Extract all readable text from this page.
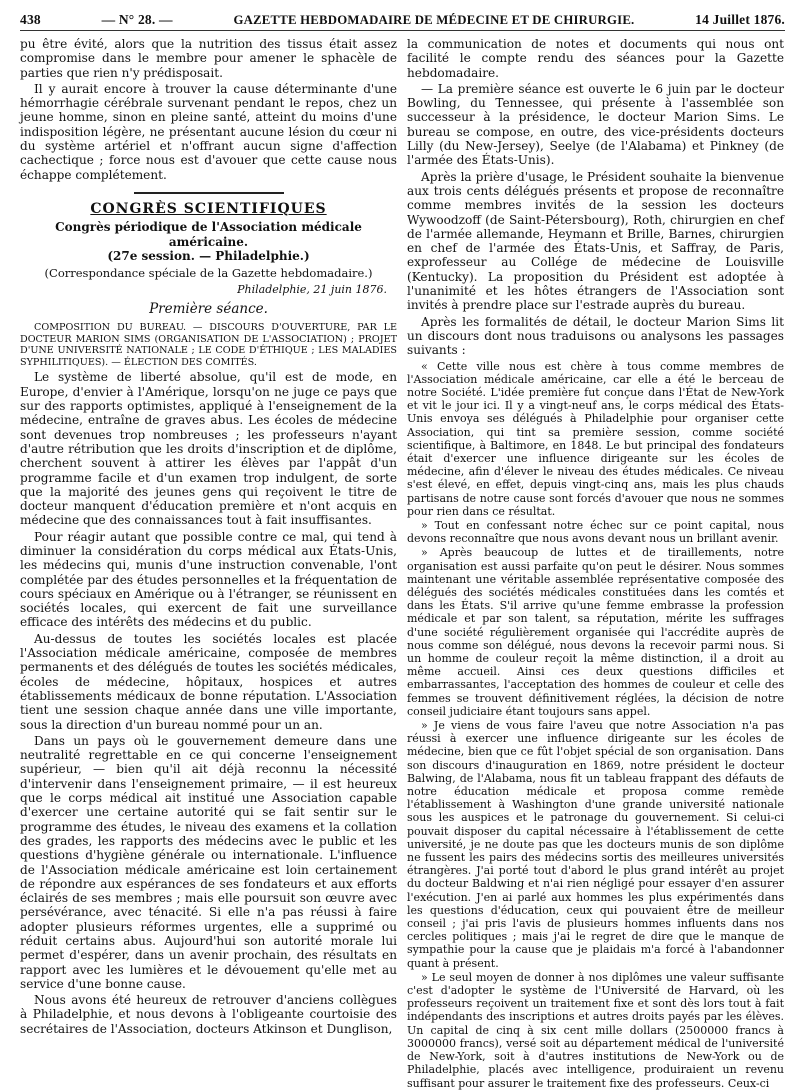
438	— N° 28. —	GAZETTE HEBDOMADAIRE DE MÉDECINE ET DE CHIRURGIE.	14 Juillet 1876.

pu être évité, alors que la nutrition des tissus était assez compromise dans le membre pour amener le sphacèle de parties que rien n'y prédisposait.

Il y aurait encore à trouver la cause déterminante d'une hémorrhagie cérébrale survenant pendant le repos, chez un jeune homme, sinon en pleine santé, atteint du moins d'une indisposition légère, ne présentant aucune lésion du cœur ni du système artériel et n'offrant aucun signe d'affection cachectique ; force nous est d'avouer que cette cause nous échappe complétement.

CONGRÈS SCIENTIFIQUES
Congrès périodique de l'Association médicale américaine.
(27e session. — Philadelphie.)
(Correspondance spéciale de la Gazette hebdomadaire.)
Philadelphie, 21 juin 1876.
Première séance.

COMPOSITION DU BUREAU. — DISCOURS D'OUVERTURE, PAR LE DOCTEUR MARION SIMS (ORGANISATION DE L'ASSOCIATION) ; PROJET D'UNE UNIVERSITÉ NATIONALE ; LE CODE D'ÉTHIQUE ; LES MALADIES SYPHILITIQUES). — ÉLECTION DES COMITÉS.

Le système de liberté absolue, qu'il est de mode, en Europe, d'envier à l'Amérique, lorsqu'on ne juge ce pays que sur des rapports optimistes, appliqué à l'enseignement de la médecine, entraîne de graves abus. Les écoles de médecine sont devenues trop nombreuses ; les professeurs n'ayant d'autre rétribution que les droits d'inscription et de diplôme, cherchent souvent à attirer les élèves par l'appât d'un programme facile et d'un examen trop indulgent, de sorte que la majorité des jeunes gens qui reçoivent le titre de docteur manquent d'éducation première et n'ont acquis en médecine que des connaissances tout à fait insuffisantes.

Pour réagir autant que possible contre ce mal, qui tend à diminuer la considération du corps médical aux États-Unis, les médecins qui, munis d'une instruction convenable, l'ont complétée par des études personnelles et la fréquentation de cours spéciaux en Amérique ou à l'étranger, se réunissent en sociétés locales, qui exercent de fait une surveillance efficace des intérêts des médecins et du public.

Au-dessus de toutes les sociétés locales est placée l'Association médicale américaine, composée de membres permanents et des délégués de toutes les sociétés médicales, écoles de médecine, hôpitaux, hospices et autres établissements médicaux de bonne réputation. L'Association tient une session chaque année dans une ville importante, sous la direction d'un bureau nommé pour un an.

Dans un pays où le gouvernement demeure dans une neutralité regrettable en ce qui concerne l'enseignement supérieur, — bien qu'il ait déjà reconnu la nécessité d'intervenir dans l'enseignement primaire, — il est heureux que le corps médical ait institué une Association capable d'exercer une certaine autorité qui se fait sentir sur le programme des études, le niveau des examens et la collation des grades, les rapports des médecins avec le public et les questions d'hygiène générale ou internationale. L'influence de l'Association médicale américaine est loin certainement de répondre aux espérances de ses fondateurs et aux efforts éclairés de ses membres ; mais elle poursuit son œuvre avec persévérance, avec ténacité. Si elle n'a pas réussi à faire adopter plusieurs réformes urgentes, elle a supprimé ou réduit certains abus. Aujourd'hui son autorité morale lui permet d'espérer, dans un avenir prochain, des résultats en rapport avec les lumières et le dévouement qu'elle met au service d'une bonne cause.

Nous avons été heureux de retrouver d'anciens collègues à Philadelphie, et nous devons à l'obligeante courtoisie des secrétaires de l'Association, docteurs Atkinson et Dunglison,

la communication de notes et documents qui nous ont facilité le compte rendu des séances pour la Gazette hebdomadaire.

— La première séance est ouverte le 6 juin par le docteur Bowling, du Tennessee, qui présente à l'assemblée son successeur à la présidence, le docteur Marion Sims. Le bureau se compose, en outre, des vice-présidents docteurs Lilly (du New-Jersey), Seelye (de l'Alabama) et Pinkney (de l'armée des États-Unis).

Après la prière d'usage, le Président souhaite la bienvenue aux trois cents délégués présents et propose de reconnaître comme membres invités de la session les docteurs Wywoodzoff (de Saint-Pétersbourg), Roth, chirurgien en chef de l'armée allemande, Heymann et Brille, Barnes, chirurgien en chef de l'armée des États-Unis, et Saffray, de Paris, exprofesseur au Collége de médecine de Louisville (Kentucky). La proposition du Président est adoptée à l'unanimité et les hôtes étrangers de l'Association sont invités à prendre place sur l'estrade auprès du bureau.

Après les formalités de détail, le docteur Marion Sims lit un discours dont nous traduisons ou analysons les passages suivants :

« Cette ville nous est chère à tous comme membres de l'Association médicale américaine, car elle a été le berceau de notre Société. L'idée première fut conçue dans l'État de New-York et vit le jour ici. Il y a vingt-neuf ans, le corps médical des États-Unis envoya ses délégués à Philadelphie pour organiser cette Association, qui tint sa première session, comme société scientifique, à Baltimore, en 1848. Le but principal des fondateurs était d'exercer une influence dirigeante sur les écoles de médecine, afin d'élever le niveau des études médicales. Ce niveau s'est élevé, en effet, depuis vingt-cinq ans, mais les plus chauds partisans de notre cause sont forcés d'avouer que nous ne sommes pour rien dans ce résultat.

» Tout en confessant notre échec sur ce point capital, nous devons reconnaître que nous avons devant nous un brillant avenir.

» Après beaucoup de luttes et de tiraillements, notre organisation est aussi parfaite qu'on peut le désirer. Nous sommes maintenant une véritable assemblée représentative composée des délégués des sociétés médicales constituées dans les comtés et dans les États. S'il arrive qu'une femme embrasse la profession médicale et par son talent, sa réputation, mérite les suffrages d'une société régulièrement organisée qui l'accrédite auprès de nous comme son délégué, nous devons la recevoir parmi nous. Si un homme de couleur reçoit la même distinction, il a droit au même accueil. Ainsi ces deux questions difficiles et embarrassantes, l'acceptation des hommes de couleur et celle des femmes se trouvent définitivement réglées, la décision de notre conseil judiciaire étant toujours sans appel.

» Je viens de vous faire l'aveu que notre Association n'a pas réussi à exercer une influence dirigeante sur les écoles de médecine, bien que ce fût l'objet spécial de son organisation. Dans son discours d'inauguration en 1869, notre président le docteur Balwing, de l'Alabama, nous fit un tableau frappant des défauts de notre éducation médicale et proposa comme remède l'établissement à Washington d'une grande université nationale sous les auspices et le patronage du gouvernement. Si celui-ci pouvait disposer du capital nécessaire à l'établissement de cette université, je ne doute pas que les docteurs munis de son diplôme ne fussent les pairs des médecins sortis des meilleures universités étrangères. J'ai porté tout d'abord le plus grand intérêt au projet du docteur Baldwing et n'ai rien négligé pour essayer d'en assurer l'exécution. J'en ai parlé aux hommes les plus expérimentés dans les questions d'éducation, ceux qui pouvaient être de meilleur conseil ; j'ai pris l'avis de plusieurs hommes influents dans nos cercles politiques ; mais j'ai le regret de dire que le manque de sympathie pour la cause que je plaidais m'a forcé à l'abandonner quant à présent.

» Le seul moyen de donner à nos diplômes une valeur suffisante c'est d'adopter le système de l'Université de Harvard, où les professeurs reçoivent un traitement fixe et sont dès lors tout à fait indépendants des inscriptions et autres droits payés par les élèves. Un capital de cinq à six cent mille dollars (2500000 francs à 3000000 francs), versé soit au département médical de l'université de New-York, soit à d'autres institutions de New-York ou de Philadelphie, placés avec intelligence, produiraient un revenu suffisant pour assurer le traitement fixe des professeurs. Ceux-ci
